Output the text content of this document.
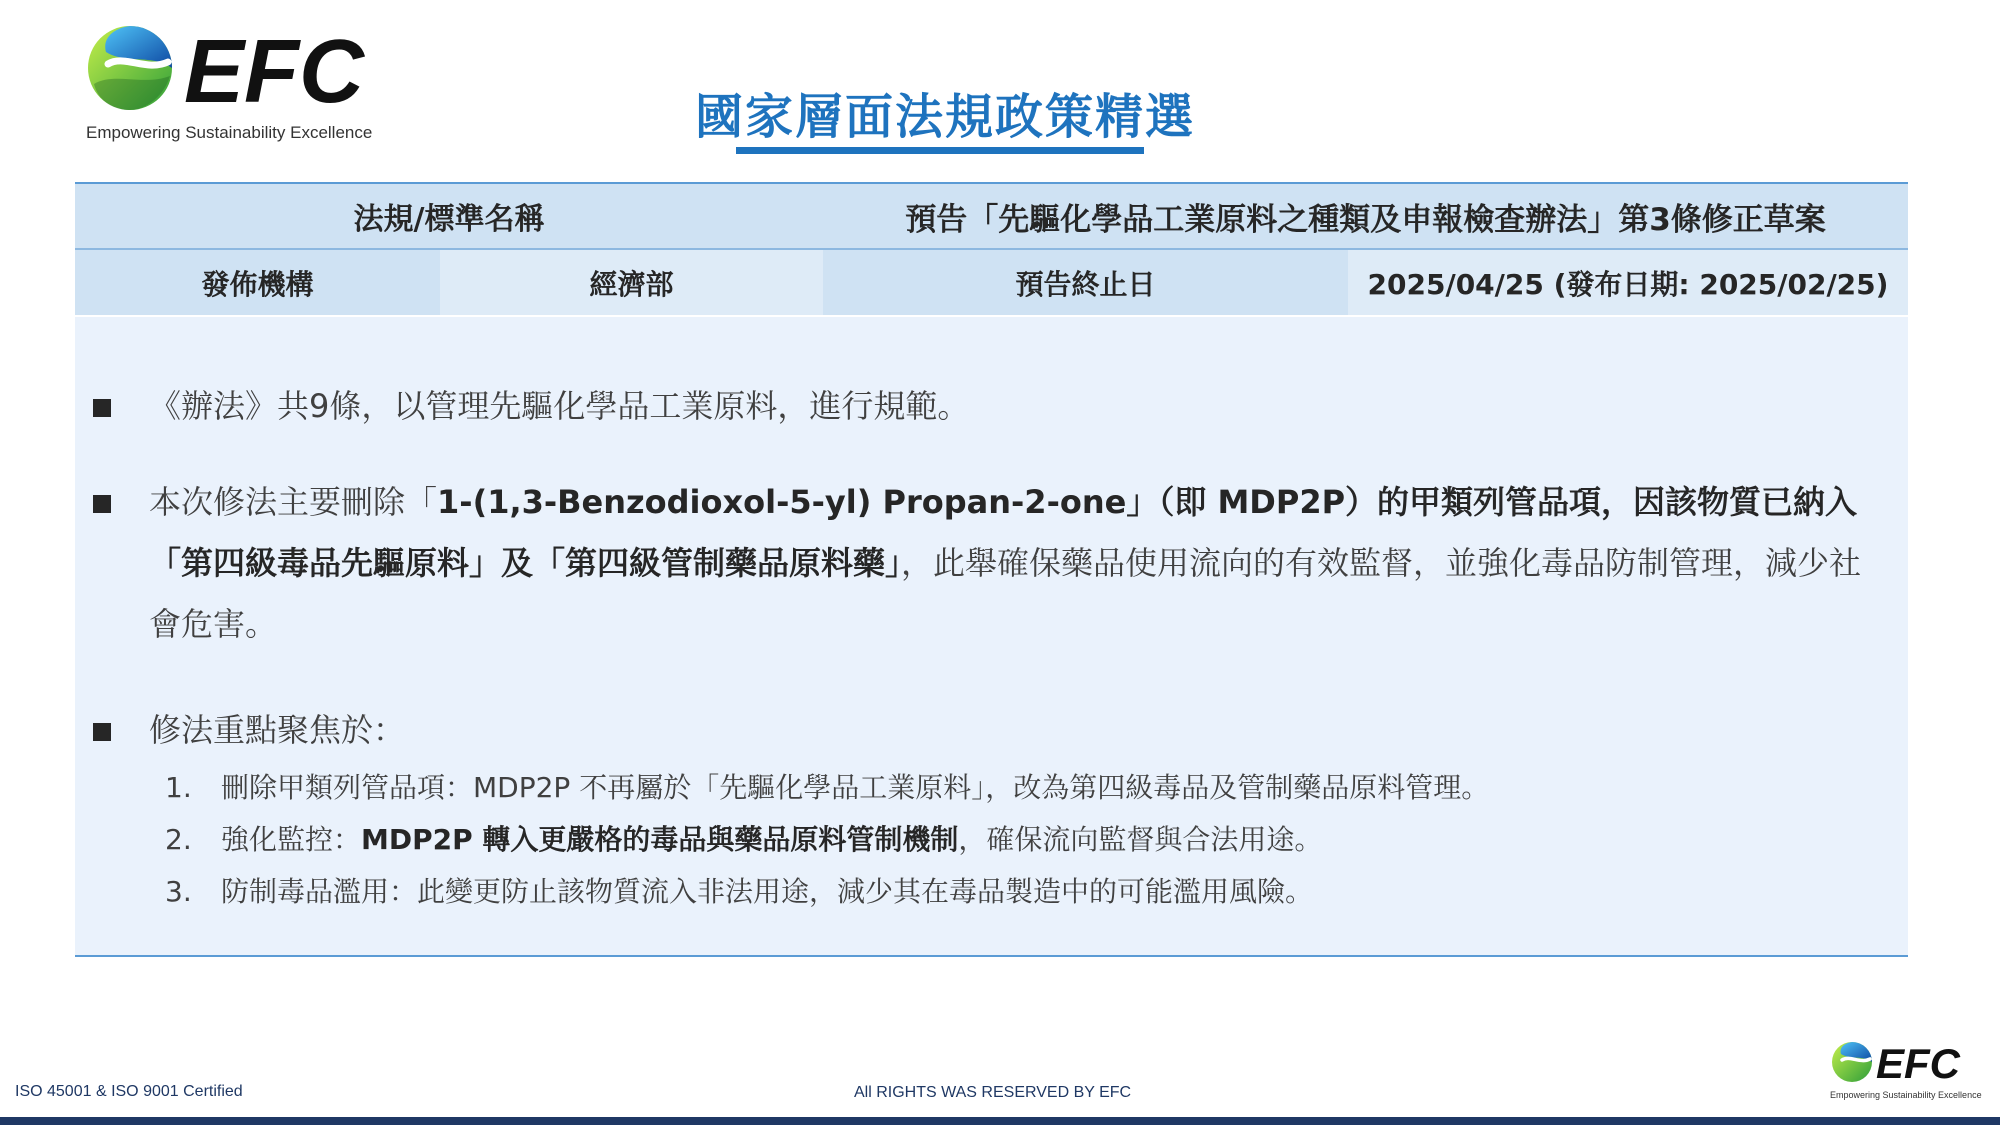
EFC
Empowering Sustainability Excellence	國家層面法規政策精選
法規/標準名稱	預告「先驅化學品工業原料之種類及申報檢查辦法」第3條修正草案
發佈機構	經濟部	預告終止日	2025/04/25 (發布日期: 2025/02/25)
《辦法》共9條，以管理先驅化學品工業原料，進行規範。
本次修法主要刪除「1-(1,3-Benzodioxol-5-yl) Propan-2-one」（即 MDP2P）的甲類列管品項，因該物質已納入「第四級毒品先驅原料」及「第四級管制藥品原料藥」，此舉確保藥品使用流向的有效監督，並強化毒品防制管理，減少社會危害。
修法重點聚焦於：
1.	刪除甲類列管品項：MDP2P 不再屬於「先驅化學品工業原料」，改為第四級毒品及管制藥品原料管理。
2.	強化監控：MDP2P 轉入更嚴格的毒品與藥品原料管制機制，確保流向監督與合法用途。
3.	防制毒品濫用：此變更防止該物質流入非法用途，減少其在毒品製造中的可能濫用風險。
ISO 45001 & ISO 9001 Certified	All RIGHTS WAS RESERVED BY EFC
EFC
Empowering Sustainability Excellence
